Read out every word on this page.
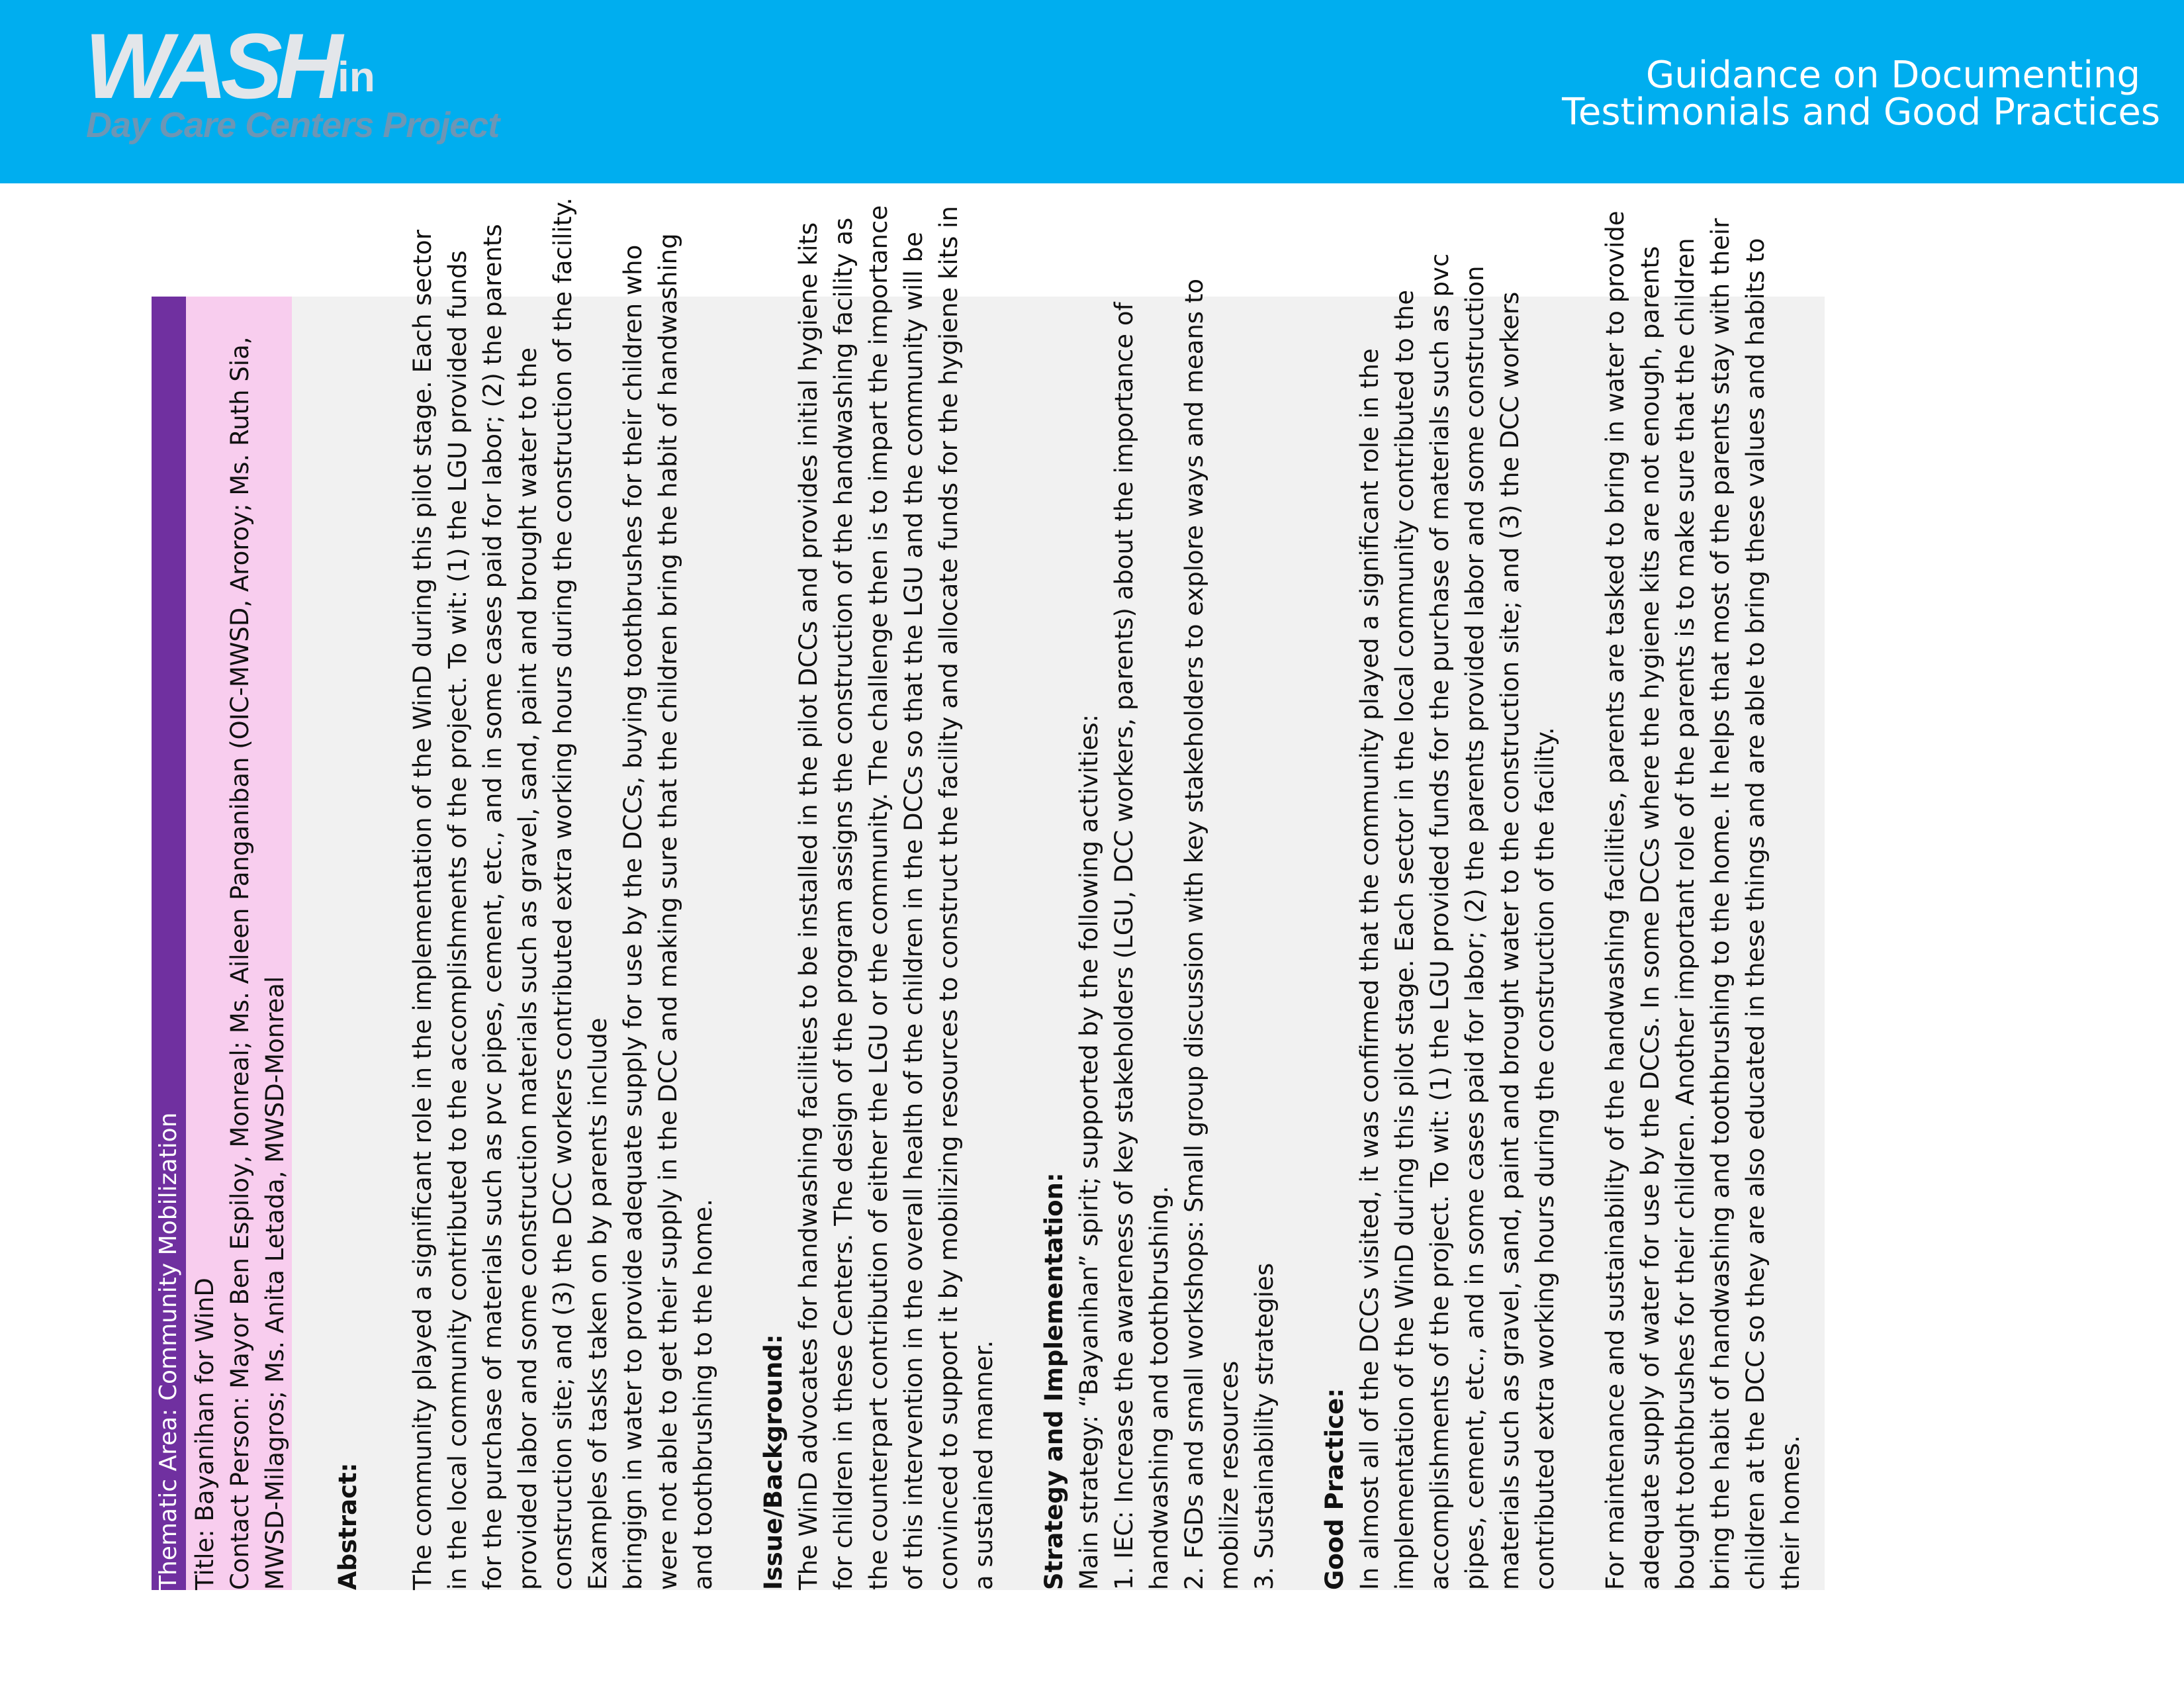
WASH in
Day Care Centers Project
Guidance on Documenting
Testimonials and Good Practices
Thematic Area: Community Mobilization Title: Bayanihan for WinD Contact Person: Mayor Ben Espiloy, Monreal; Ms. Aileen Panganiban (OIC-MWSD, Aroroy; Ms. Ruth Sia, MWSD-Milagros; Ms. Anita Letada, MWSD-Monreal Abstract: The community played a significant role in the implementation of the WinD during this pilot stage. Each sector in the local community contributed to the accomplishments of the project. To wit: (1) the LGU provided funds for the purchase of materials such as pvc pipes, cement, etc., and in some cases paid for labor; (2) the parents provided labor and some construction materials such as gravel, sand, paint and brought water to the construction site; and (3) the DCC workers contributed extra working hours during the construction of the facility. Examples of tasks taken on by parents include bringign in water to provide adequate supply for use by the DCCs, buying toothbrushes for their children who were not able to get their supply in the DCC and making sure that the children bring the habit of handwashing and toothbrushing to the home. Issue/Background: The WinD advocates for handwashing facilities to be installed in the pilot DCCs and provides initial hygiene kits for children in these Centers. The design of the program assigns the construction of the handwashing facility as the counterpart contribution of either the LGU or the community. The challenge then is to impart the importance of this intervention in the overall health of the children in the DCCs so that the LGU and the community will be convinced to support it by mobilizing resources to construct the facility and allocate funds for the hygiene kits in a sustained manner. Strategy and Implementation: Main strategy: “Bayanihan” spirit; supported by the following activities: 1. IEC: Increase the awareness of key stakeholders (LGU, DCC workers, parents) about the importance of handwashing and toothbrushing. 2. FGDs and small workshops: Small group discussion with key stakeholders to explore ways and means to mobilize resources 3. Sustainability strategies Good Practice: In almost all of the DCCs visited, it was confirmed that the community played a significant role in the implementation of the WinD during this pilot stage. Each sector in the local community contributed to the accomplishments of the project. To wit: (1) the LGU provided funds for the purchase of materials such as pvc pipes, cement, etc., and in some cases paid for labor; (2) the parents provided labor and some construction materials such as gravel, sand, paint and brought water to the construction site; and (3) the DCC workers contributed extra working hours during the construction of the facility. For maintenance and sustainability of the handwashing facilities, parents are tasked to bring in water to provide adequate supply of water for use by the DCCs. In some DCCs where the hygiene kits are not enough, parents bought toothbrushes for their children. Another important role of the parents is to make sure that the children bring the habit of handwashing and toothbrushing to the home. It helps that most of the parents stay with their children at the DCC so they are also educated in these things and are able to bring these values and habits to their homes.
